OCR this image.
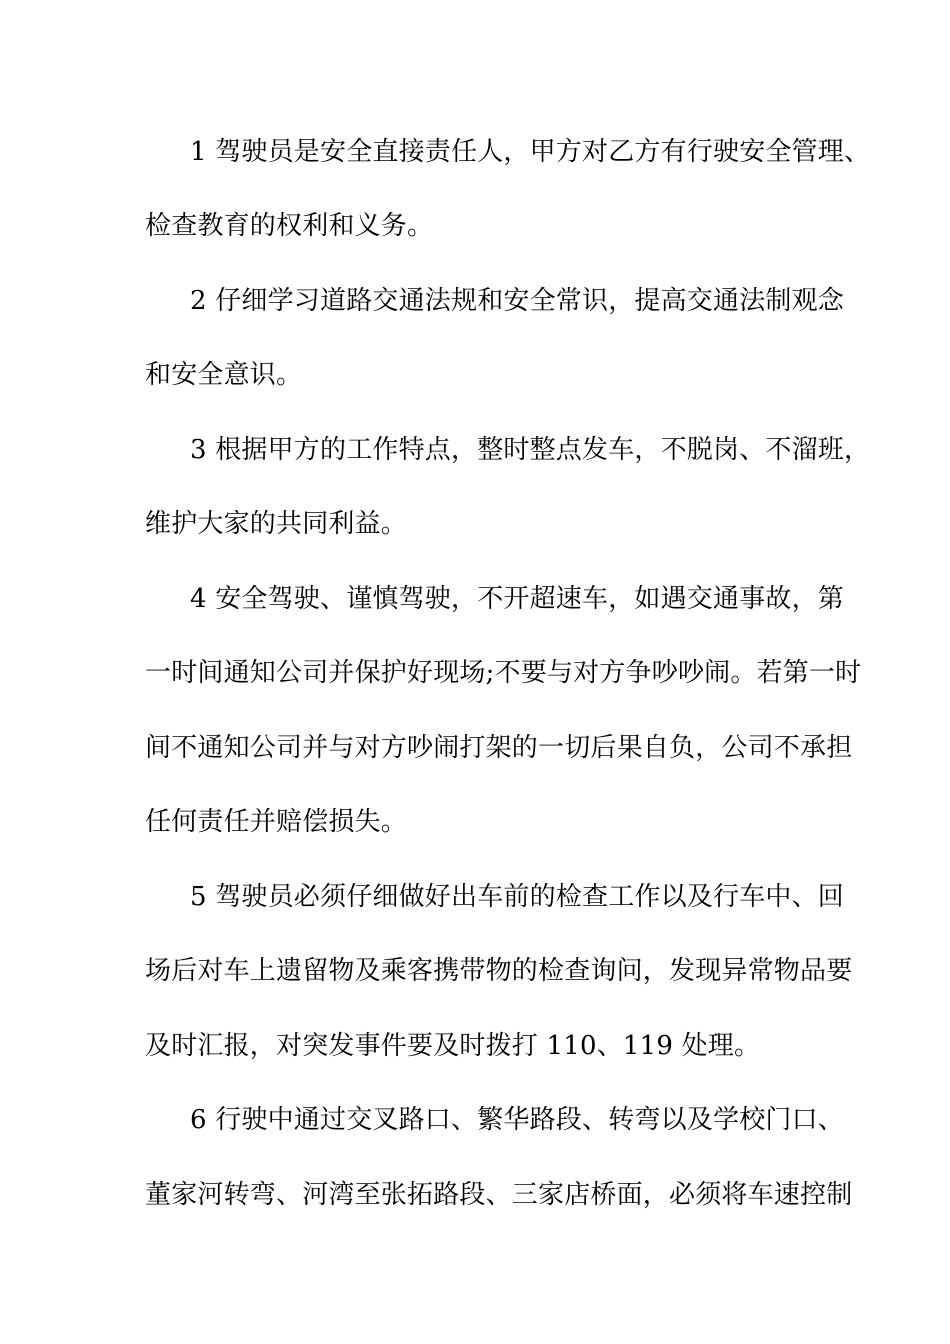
1 驾驶员是安全直接责任人，甲方对乙方有行驶安全管理、
检查教育的权利和义务。
2 仔细学习道路交通法规和安全常识，提高交通法制观念
和安全意识。
3 根据甲方的工作特点，整时整点发车，不脱岗、不溜班，
维护大家的共同利益。
4 安全驾驶、谨慎驾驶，不开超速车，如遇交通事故，第
一时间通知公司并保护好现场;不要与对方争吵吵闹。若第一时
间不通知公司并与对方吵闹打架的一切后果自负，公司不承担
任何责任并赔偿损失。
5 驾驶员必须仔细做好出车前的检查工作以及行车中、回
场后对车上遗留物及乘客携带物的检查询问，发现异常物品要
及时汇报，对突发事件要及时拨打 110、119 处理。
6 行驶中通过交叉路口、繁华路段、转弯以及学校门口、
董家河转弯、河湾至张拓路段、三家店桥面，必须将车速控制
